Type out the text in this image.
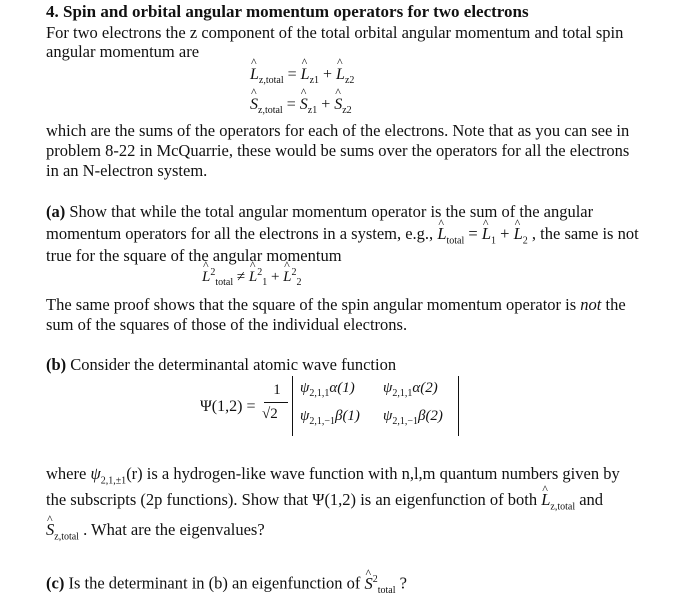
4. Spin and orbital angular momentum operators for two electrons
For two electrons the z component of the total orbital angular momentum and total spin
angular momentum are
^ $L_{z,total}$ = ^ $L_{z1}$ + ^ $L_{z2}$
^ $S_{z,total}$ = ^ $S_{z1}$ + ^ $S_{z2}$
which are the sums of the operators for each of the electrons. Note that as you can see in
problem 8-22 in McQuarrie, these would be sums over the operators for all the electrons
in an N-electron system.
(a) Show that while the total angular momentum operator is the sum of the angular
momentum operators for all the electrons in a system, e.g., ^ $L_{total}$ = ^ $L_1$ + ^ $L_2$ , the same is not
true for the square of the angular momentum
^ $L^2_{total}$ ≠ ^ $L^2_1$ + ^ $L^2_2$
The same proof shows that the square of the spin angular momentum operator is not the
sum of the squares of those of the individual electrons.
(b) Consider the determinantal atomic wave function
Ψ(1,2) =
1
√2
$\psi_{2,1,1}\alpha(1)$ $\psi_{2,1,1}\alpha(2)$
$\psi_{2,1,-1}\beta(1)$ $\psi_{2,1,-1}\beta(2)$
where $\psi_{2,1,\pm 1}(r)$ is a hydrogen-like wave function with n,l,m quantum numbers given by
the subscripts (2p functions). Show that Ψ(1,2) is an eigenfunction of both ^ $L_{z,total}$ and
^ $S_{z,total}$ . What are the eigenvalues?
(c) Is the determinant in (b) an eigenfunction of ^ $S^2_{total}$ ?
